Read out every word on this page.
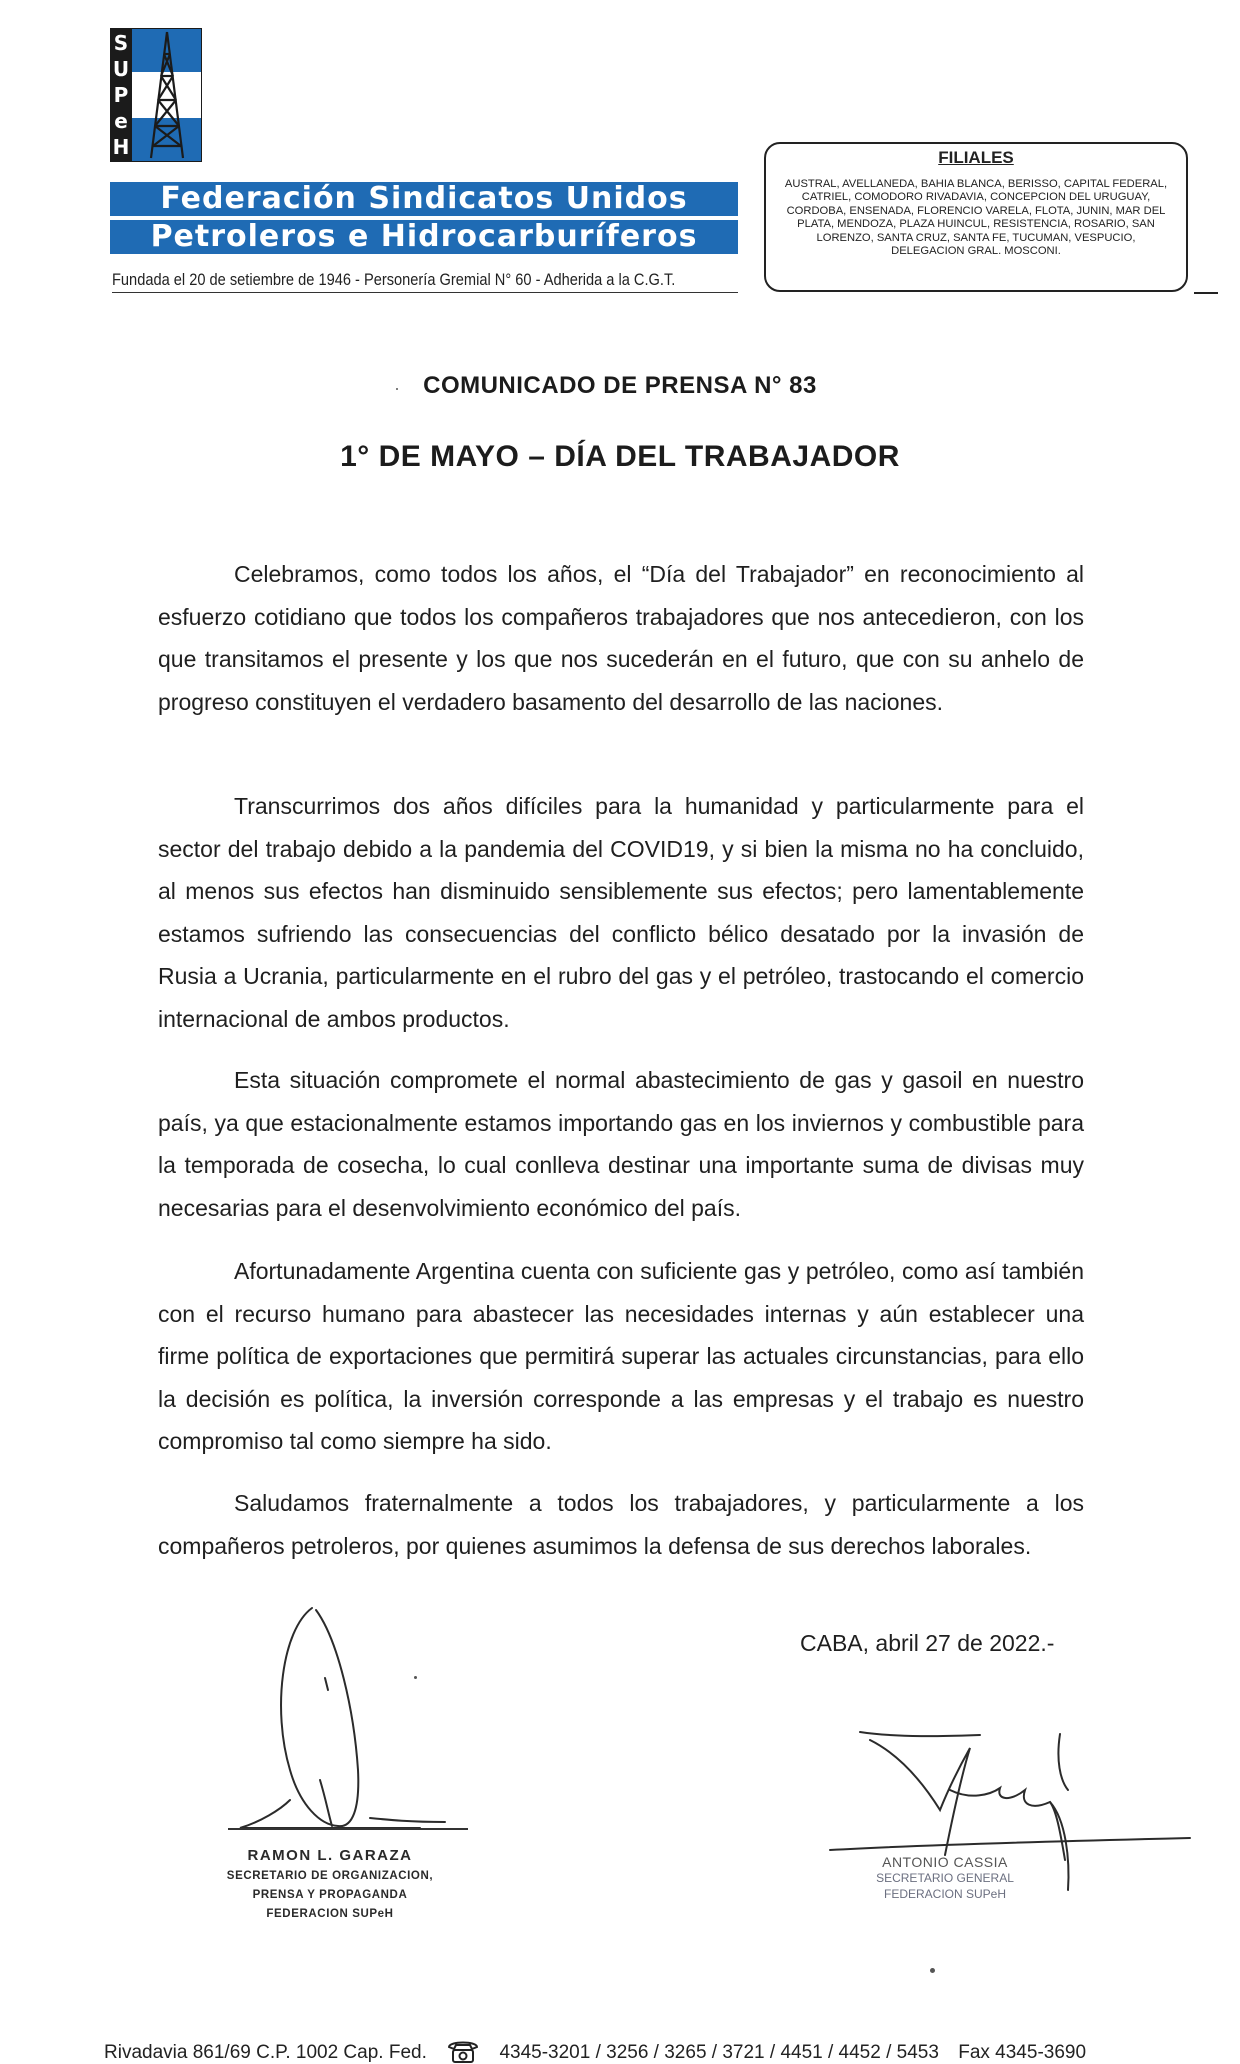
S
U
P
e
H
Federación Sindicatos Unidos
Petroleros e Hidrocarburíferos
Fundada el 20 de setiembre de 1946 - Personería Gremial N° 60 - Adherida a la C.G.T.
FILIALES
AUSTRAL, AVELLANEDA, BAHIA BLANCA, BERISSO, CAPITAL FEDERAL, CATRIEL, COMODORO RIVADAVIA, CONCEPCION DEL URUGUAY, CORDOBA, ENSENADA, FLORENCIO VARELA, FLOTA, JUNIN, MAR DEL PLATA, MENDOZA, PLAZA HUINCUL, RESISTENCIA, ROSARIO, SAN LORENZO, SANTA CRUZ, SANTA FE, TUCUMAN, VESPUCIO, DELEGACION GRAL. MOSCONI.
COMUNICADO DE PRENSA N° 83
1° DE MAYO – DÍA DEL TRABAJADOR
Celebramos, como todos los años, el “Día del Trabajador” en reconocimiento al esfuerzo cotidiano que todos los compañeros trabajadores que nos antecedieron, con los que transitamos el presente y los que nos sucederán en el futuro, que con su anhelo de progreso constituyen el verdadero basamento del desarrollo de las naciones.
Transcurrimos dos años difíciles para la humanidad y particularmente para el sector del trabajo debido a la pandemia del COVID19, y si bien la misma no ha concluido, al menos sus efectos han disminuido sensiblemente sus efectos; pero lamentablemente estamos sufriendo las consecuencias del conflicto bélico desatado por la invasión de Rusia a Ucrania, particularmente en el rubro del gas y el petróleo, trastocando el comercio internacional de ambos productos.
Esta situación compromete el normal abastecimiento de gas y gasoil en nuestro país, ya que estacionalmente estamos importando gas en los inviernos y combustible para la temporada de cosecha, lo cual conlleva destinar una importante suma de divisas muy necesarias para el desenvolvimiento económico del país.
Afortunadamente Argentina cuenta con suficiente gas y petróleo, como así también con el recurso humano para abastecer las necesidades internas y aún establecer una firme política de exportaciones que permitirá superar las actuales circunstancias, para ello la decisión es política, la inversión corresponde a las empresas y el trabajo es nuestro compromiso tal como siempre ha sido.
Saludamos fraternalmente a todos los trabajadores, y particularmente a los compañeros petroleros, por quienes asumimos la defensa de sus derechos laborales.
CABA, abril 27 de 2022.-
RAMON L. GARAZA
SECRETARIO DE ORGANIZACION,
PRENSA Y PROPAGANDA
FEDERACION SUPeH
ANTONIO CASSIA
SECRETARIO GENERAL
FEDERACION SUPeH
Rivadavia 861/69 C.P. 1002 Cap. Fed.	4345-3201 / 3256 / 3265 / 3721 / 4451 / 4452 / 5453 Fax 4345-3690
